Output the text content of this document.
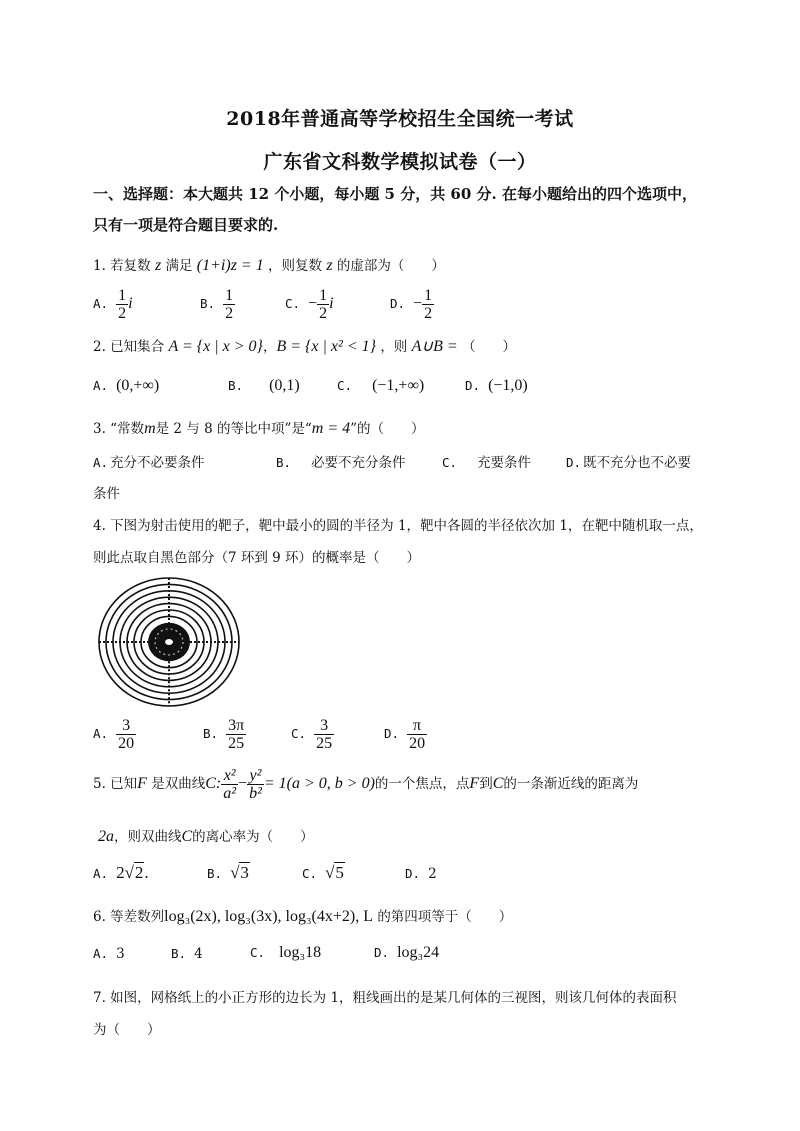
2018年普通高等学校招生全国统一考试
广东省文科数学模拟试卷（一）
一、选择题：本大题共 12 个小题，每小题 5 分，共 60 分. 在每小题给出的四个选项中，
只有一项是符合题目要求的.
1. 若复数 z 满足 (1+i)z = 1 ，则复数 z 的虚部为（　　）
A. $\frac{1}{2}$ i	B. $\frac{1}{2}$	C. − $\frac{1}{2}$ i	D. − $\frac{1}{2}$
2. 已知集合 A = {x | x > 0}，B = {x | x² < 1} ，则 A∪B = （　　）
A. (0,+∞)	B. (0,1)	C. (−1,+∞)	D. (−1,0)
3. “常数m是 2 与 8 的等比中项”是“m = 4”的（　　）
A. 充分不必要条件	B. 必要不充分条件	C. 充要条件	D. 既不充分也不必要
条件
4. 下图为射击使用的靶子，靶中最小的圆的半径为 1，靶中各圆的半径依次加 1，在靶中随机取一点，
则此点取自黑色部分（7 环到 9 环）的概率是（　　）
A. $\frac{3}{20}$	B. $\frac{3\pi}{25}$	C. $\frac{3}{25}$	D. $\frac{\pi}{20}$
5. 已知F 是双曲线C: $\frac{\text{x²}}{\text{a²}} - \frac{\text{y²}}{\text{b²}} = 1(a > 0$, b > 0)的一个焦点，点F到C的一条渐近线的距离为
2a，则双曲线C的离心率为（　　）
A. 2√2.	B. √3	C. √5	D. 2
6. 等差数列log₃(2x), log₃(3x), log₃(4x+2), L 的第四项等于（　　）
A. 3	B. 4	C. log₃18	D. log₃24
7. 如图，网格纸上的小正方形的边长为 1，粗线画出的是某几何体的三视图，则该几何体的表面积
为（　　）
